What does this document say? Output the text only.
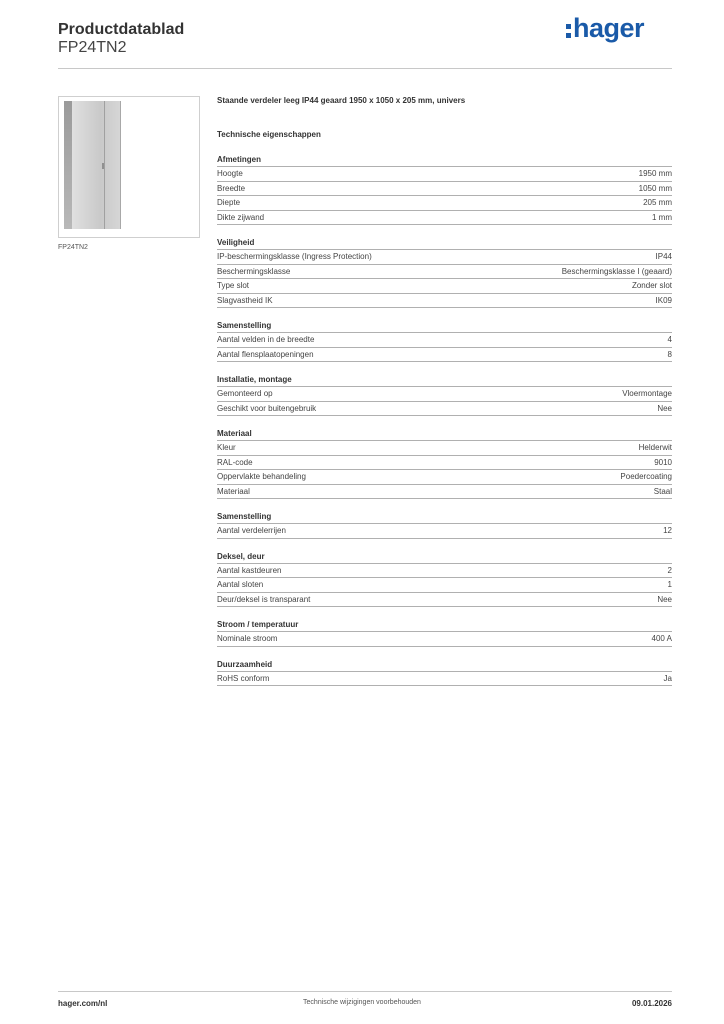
Productdatablad
FP24TN2
hager
FP24TN2
Staande verdeler leeg IP44 geaard 1950 x 1050 x 205 mm, univers
Technische eigenschappen
Afmetingen
Hoogte	1950 mm
Breedte	1050 mm
Diepte	205 mm
Dikte zijwand	1 mm
Veiligheid
IP-beschermingsklasse (Ingress Protection)	IP44
Beschermingsklasse	Beschermingsklasse I (geaard)
Type slot	Zonder slot
Slagvastheid IK	IK09
Samenstelling
Aantal velden in de breedte	4
Aantal flensplaatopeningen	8
Installatie, montage
Gemonteerd op	Vloermontage
Geschikt voor buitengebruik	Nee
Materiaal
Kleur	Helderwit
RAL-code	9010
Oppervlakte behandeling	Poedercoating
Materiaal	Staal
Samenstelling
Aantal verdelerrijen	12
Deksel, deur
Aantal kastdeuren	2
Aantal sloten	1
Deur/deksel is transparant	Nee
Stroom / temperatuur
Nominale stroom	400 A
Duurzaamheid
RoHS conform	Ja
hager.com/nl	Technische wijzigingen voorbehouden	09.01.2026
